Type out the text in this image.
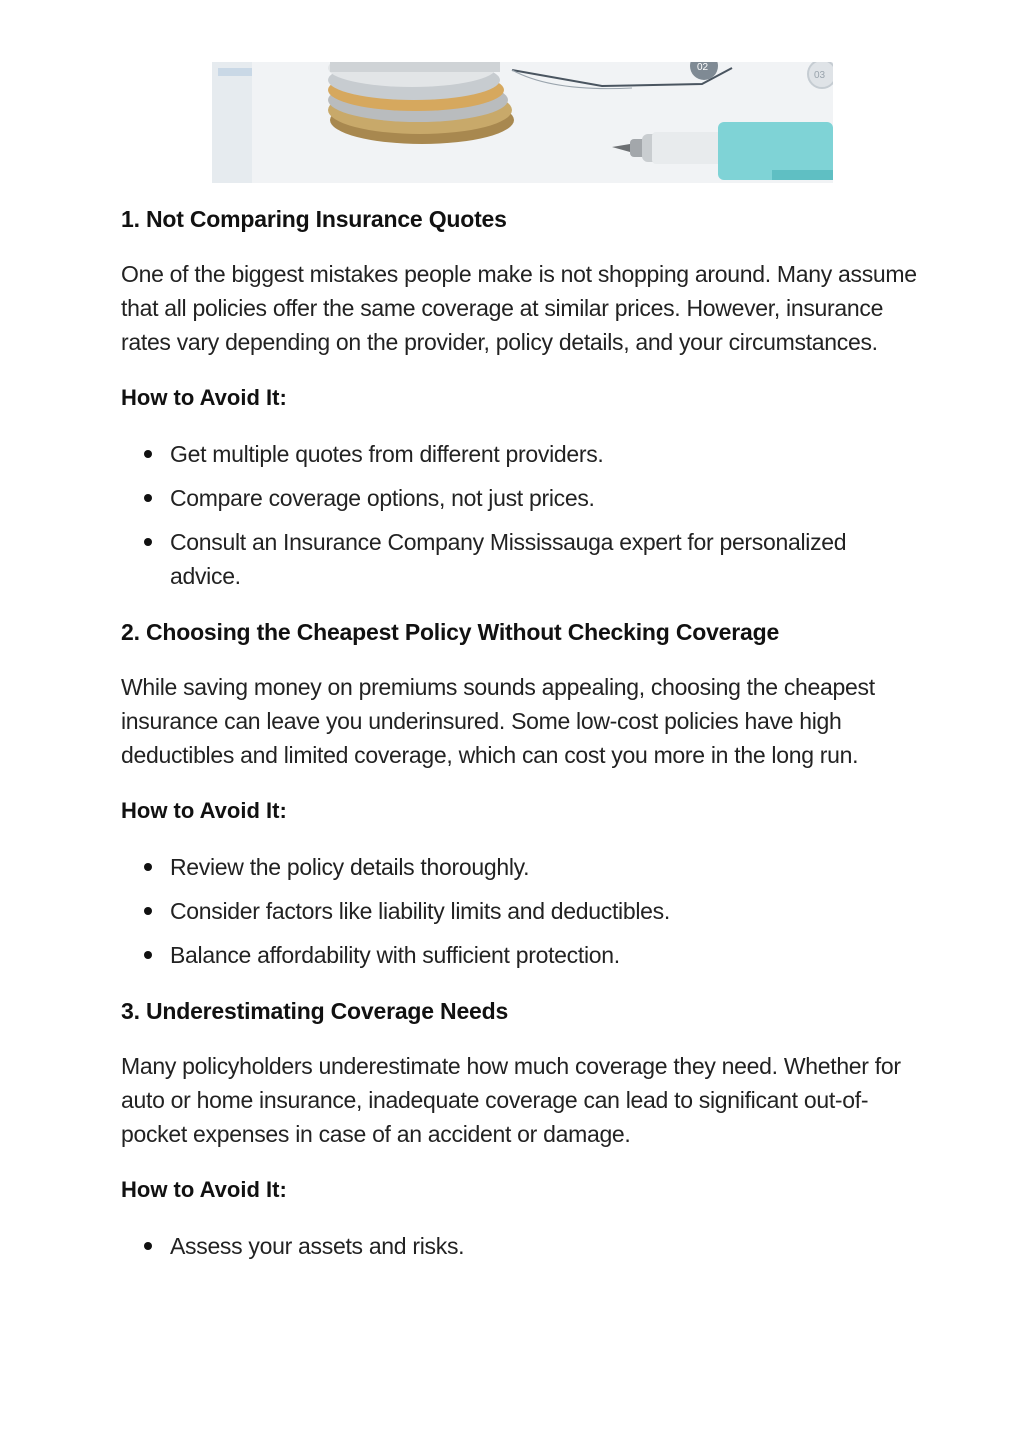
02
03
1. Not Comparing Insurance Quotes

One of the biggest mistakes people make is not shopping around. Many assume that all policies offer the same coverage at similar prices. However, insurance rates vary depending on the provider, policy details, and your circumstances.

How to Avoid It:
Get multiple quotes from different providers.
Compare coverage options, not just prices.
Consult an Insurance Company Mississauga expert for personalized advice.
2. Choosing the Cheapest Policy Without Checking Coverage

While saving money on premiums sounds appealing, choosing the cheapest insurance can leave you underinsured. Some low-cost policies have high deductibles and limited coverage, which can cost you more in the long run.

How to Avoid It:
Review the policy details thoroughly.
Consider factors like liability limits and deductibles.
Balance affordability with sufficient protection.
3. Underestimating Coverage Needs

Many policyholders underestimate how much coverage they need. Whether for auto or home insurance, inadequate coverage can lead to significant out-of-pocket expenses in case of an accident or damage.

How to Avoid It:
Assess your assets and risks.
